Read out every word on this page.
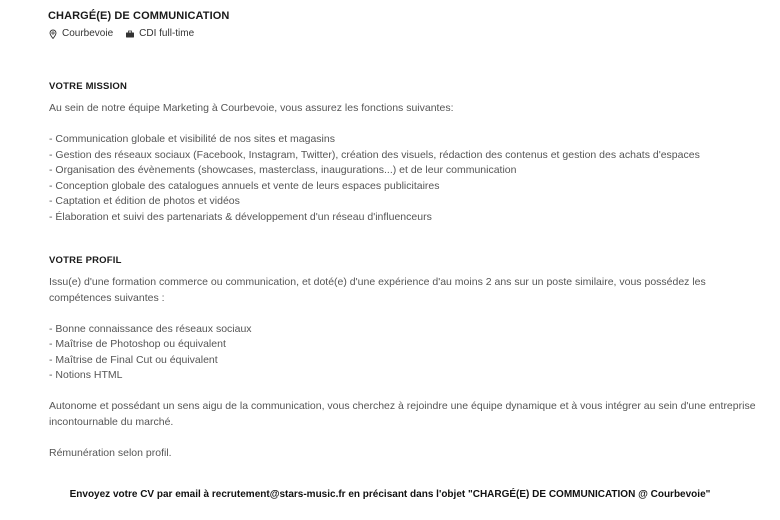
CHARGÉ(E) DE COMMUNICATION
Courbevoie	CDI full-time
VOTRE MISSION

Au sein de notre équipe Marketing à Courbevoie, vous assurez les fonctions suivantes:

- Communication globale et visibilité de nos sites et magasins
- Gestion des réseaux sociaux (Facebook, Instagram, Twitter), création des visuels, rédaction des contenus et gestion des achats d'espaces
- Organisation des évènements (showcases, masterclass, inaugurations...) et de leur communication
- Conception globale des catalogues annuels et vente de leurs espaces publicitaires
- Captation et édition de photos et vidéos
- Élaboration et suivi des partenariats & développement d'un réseau d'influenceurs
VOTRE PROFIL

Issu(e) d'une formation commerce ou communication, et doté(e) d'une expérience d'au moins 2 ans sur un poste similaire, vous possédez les compétences suivantes :

- Bonne connaissance des réseaux sociaux
- Maîtrise de Photoshop ou équivalent
- Maîtrise de Final Cut ou équivalent
- Notions HTML

Autonome et possédant un sens aigu de la communication, vous cherchez à rejoindre une équipe dynamique et à vous intégrer au sein d'une entreprise incontournable du marché.

Rémunération selon profil.

Envoyez votre CV par email à recrutement@stars-music.fr en précisant dans l'objet "CHARGÉ(E) DE COMMUNICATION @ Courbevoie"
